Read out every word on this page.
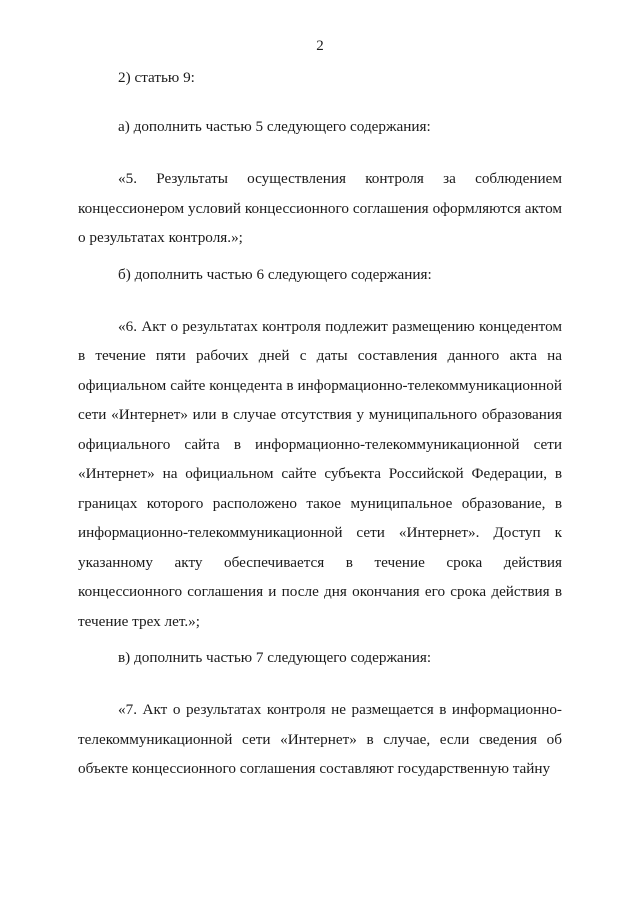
2

2) статью 9:

а) дополнить частью 5 следующего содержания:

«5. Результаты осуществления контроля за соблюдением концессионером условий концессионного соглашения оформляются актом о результатах контроля.»;

б) дополнить частью 6 следующего содержания:

«6. Акт о результатах контроля подлежит размещению концедентом в течение пяти рабочих дней с даты составления данного акта на официальном сайте концедента в информационно-телекоммуникационной сети «Интернет» или в случае отсутствия у муниципального образования официального сайта в информационно-телекоммуникационной сети «Интернет» на официальном сайте субъекта Российской Федерации, в границах которого расположено такое муниципальное образование, в информационно-телекоммуникационной сети «Интернет». Доступ к указанному акту обеспечивается в течение срока действия концессионного соглашения и после дня окончания его срока действия в течение трех лет.»;

в) дополнить частью 7 следующего содержания:

«7. Акт о результатах контроля не размещается в информационно-телекоммуникационной сети «Интернет» в случае, если сведения об объекте концессионного соглашения составляют государственную тайну
